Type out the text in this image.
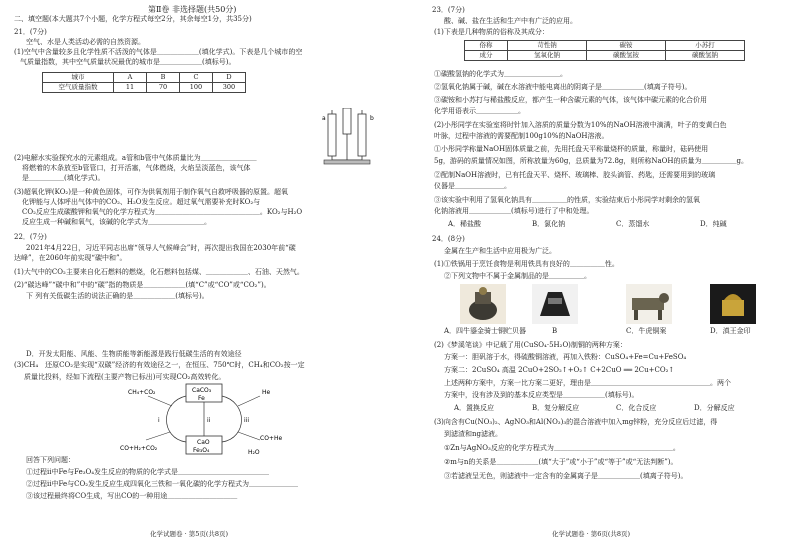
第Ⅱ卷 非选择题(共50分)
二、填空题(本大题共7个小题，化学方程式每空2分，其余每空1分，共35分)
21．(7分)
空气、水是人类活动必需的自然资源。
(1)空气中含量较多且化学性质不活泼的气体是＿＿＿＿＿＿(填化学式)。下表是几个城市的空
气质量指数，其中空气质量状况最优的城市是＿＿＿＿＿＿(填标号)。
城市	A	B	C	D
空气质量指数	11	70	100	300
a	b
(2)电解水实验探究水的元素组成。a管和b管中气体质量比为＿＿＿＿＿＿＿＿
将燃着的木条放至b管管口，打开活塞，气体燃烧，火焰呈淡蓝色，该气体
是＿＿＿＿＿(填化学式)。
(3)超氧化钾(KO₂)是一种黄色固体，可作为供氧剂用于制作氧气自救呼吸器的原置。超氧
化钾能与人体呼出气体中的CO₂、H₂O发生反应。超过氧气需要补充时KO₂与
CO₂反应生成碳酸钾和氧气的化学方程式为＿＿＿＿＿＿＿＿＿＿＿＿＿＿＿。KO₂与H₂O
反应生成一种碱和氧气，该碱的化学式为＿＿＿＿＿＿＿＿。
22．(7分)
2021年4月22日，习近平同志出席“领导人气候峰会”时，再次提出我国在2030年前“碳
达峰”，在2060年前实现“碳中和”。
(1)大气中的CO₂主要来自化石燃料的燃烧，化石燃料包括煤、＿＿＿＿＿＿、石油、天然气。
(2)“碳达峰”“碳中和”中的“碳”指的物质是＿＿＿＿＿＿(填“C”或“CO”或“CO₂”)。
下 列有关低碳生活的说法正确的是＿＿＿＿＿＿(填标号)。
D．开发太阳能、风能、生物质能等新能源是践行低碳生活的有效途径
(3)CH₄　还原CO₂是实现“双碳”经济的有效途径之一，在恒压、750℃时，CH₄和CO₂按一定
质量比投料，经如下流程(主要产物已标出)可实现CO₂高效转化。
CaCO₃
Fe
CaO
Fe₃O₄
CH₄+CO₂
CO+H₂+CO₂
He
CO+He
H₂O
i	ii	iii
回答下列问题：
①过程ⅱ中Fe与Fe₃O₄发生反应的物质的化学式是＿＿＿＿＿＿＿＿＿＿＿＿＿
②过程ⅱ中Fe与CO₂发生反应生成四氧化三铁和一氧化碳的化学方程式为＿＿＿＿＿＿＿
③该过程最终将CO生成，写出CO的一种用途＿＿＿＿＿＿＿＿＿＿
化学试题卷 · 第5页(共8页)
23．(7分)
酸、碱、盐在生活和生产中有广泛的应用。
(1)下表是几种物质的俗称及其成分：
俗称	苛性钠	碳铵	小苏打
成分	氢氧化钠	碳酸氢铵	碳酸氢钠
①碳酸氢钠的化学式为＿＿＿＿＿＿＿＿。
②氢氧化钠属于碱，碱在水溶液中能电离出的阴离子是＿＿＿＿＿＿(填离子符号)。
③碳铵和小苏打与稀盐酸反应，都产生一种含碳元素的气体，该气体中碳元素的化合价用
化学用语表示＿＿＿＿＿＿。
(2)小彤同学在实验室将时针加入溶质的质量分数为10%的NaOH溶液中滴满，叶子的变黄白色
叶脉，过程中溶液的需要配制100g10%的NaOH溶液。
①小彤同学称量NaOH固体质量之前，先用托盘天平称量烧杯的质量，称量时，砝码使用
5g，游码的质量情况如图，所称放量为60g，总质量为72.8g，则所称NaOH的质量为＿＿＿＿＿g。
②配制NaOH溶液时，已有托盘天平、烧杯、玻璃棒、胶头滴管、药匙，还需要用到的玻璃
仪器是＿＿＿＿＿＿＿。
③该实验中利用了氢氧化钠具有＿＿＿＿＿的性质，实验结束后小彤同学对剩余的氢氧
化钠溶液用＿＿＿＿＿＿(填标号)进行了中和处理。
A．稀盐酸	B．氯化钠	C．蒸馏水	D．纯碱
24．(8分)
金属在生产和生活中应用极为广泛。
(1)①铁锅用于烹饪食物是利用铁具有良好的＿＿＿＿＿性。
②下列文物中不属于金属制品的是＿＿＿＿＿。
A．四牛鎏金骑士铜贮贝器	B	C．牛虎铜案	D．滇王金印
(2)《梦溪笔谈》中记载了用(CuSO₄·5H₂O)制铜的两种方案：
方案一：胆矾溶于水，得硫酸铜溶液，再加入铁粉：CuSO₄+Fe=Cu+FeSO₄
方案二：2CuSO₄ 高温 2CuO+2SO₂↑+O₂↑ C+2CuO ══ 2Cu+CO₂↑
上述两种方案中，方案一比方案二更好，理由是＿＿＿＿＿＿＿＿＿＿＿＿＿＿＿＿＿。两个
方案中，没有涉及到的基本反应类型是＿＿＿＿＿＿(填标号)。
A．置换反应	B．复分解反应	C．化合反应	D．分解反应
(3)向含有Cu(NO₃)₂、AgNO₃和Al(NO₃)₃的混合溶液中加入mg锌粉，充分反应后过滤，得
到滤渣和ng滤液。
①Zn与AgNO₃反应的化学方程式为＿＿＿＿＿＿＿＿＿＿＿＿＿＿＿＿＿。
②m与n的关系是＿＿＿＿＿＿(填“大于”或“小于”或“等于”或“无法判断”)。
③若滤液呈无色，则滤液中一定含有的金属离子是＿＿＿＿＿＿(填离子符号)。
化学试题卷 · 第6页(共8页)
